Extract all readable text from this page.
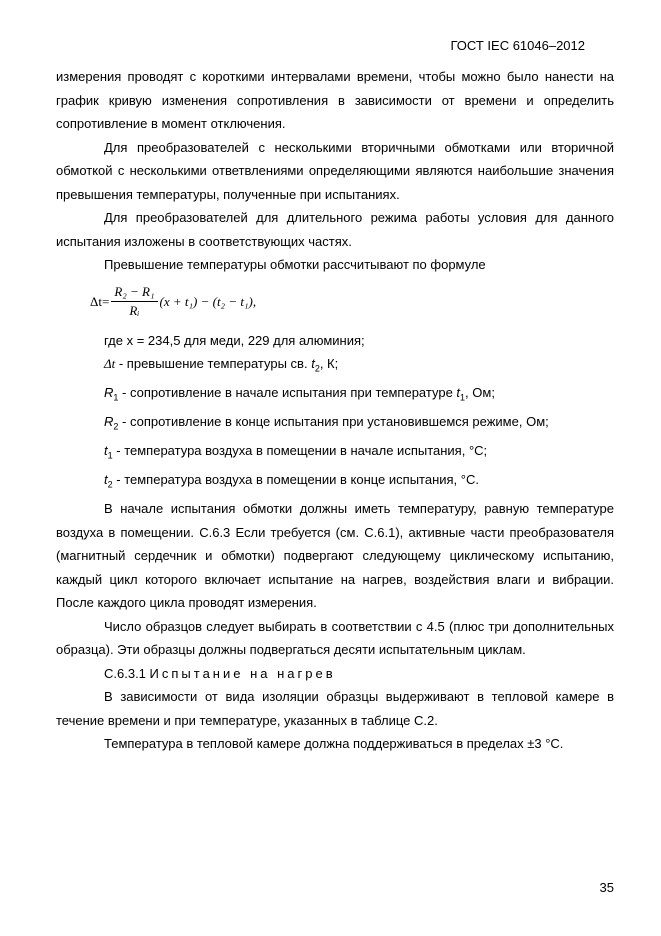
ГОСТ IEC 61046–2012

измерения проводят с короткими интервалами времени, чтобы можно было нанести на график кривую изменения сопротивления в зависимости от времени и определить сопротивление в момент отключения.

Для преобразователей с несколькими вторичными обмотками или вторичной обмоткой с несколькими ответвлениями определяющими являются наибольшие значения превышения температуры, полученные при испытаниях.

Для преобразователей для длительного режима работы условия для данного испытания изложены в соответствующих частях.

Превышение температуры обмотки рассчитывают по формуле

$\Delta t= \frac{\text{R₂ − R₁}}{\text{Rᵢ}} (x + t_1) - (t_2 - t_1)$,

где x = 234,5 для меди, 229 для алюминия;

Δt - превышение температуры св. $t_2$, К;

$R_1$ - сопротивление в начале испытания при температуре $t_1$, Ом;

$R_2$ - сопротивление в конце испытания при установившемся режиме, Ом;

$t_1$ - температура воздуха в помещении в начале испытания, °С;

$t_2$ - температура воздуха в помещении в конце испытания, °С.

В начале испытания обмотки должны иметь температуру, равную температуре воздуха в помещении. С.6.3 Если требуется (см. С.6.1), активные части преобразователя (магнитный сердечник и обмотки) подвергают следующему циклическому испытанию, каждый цикл которого включает испытание на нагрев, воздействия влаги и вибрации. После каждого цикла проводят измерения.

Число образцов следует выбирать в соответствии с 4.5 (плюс три дополнительных образца). Эти образцы должны подвергаться десяти испытательным циклам.

С.6.3.1 Испытание на нагрев

В зависимости от вида изоляции образцы выдерживают в тепловой камере в течение времени и при температуре, указанных в таблице С.2.

Температура в тепловой камере должна поддерживаться в пределах ±3 °С.

35
